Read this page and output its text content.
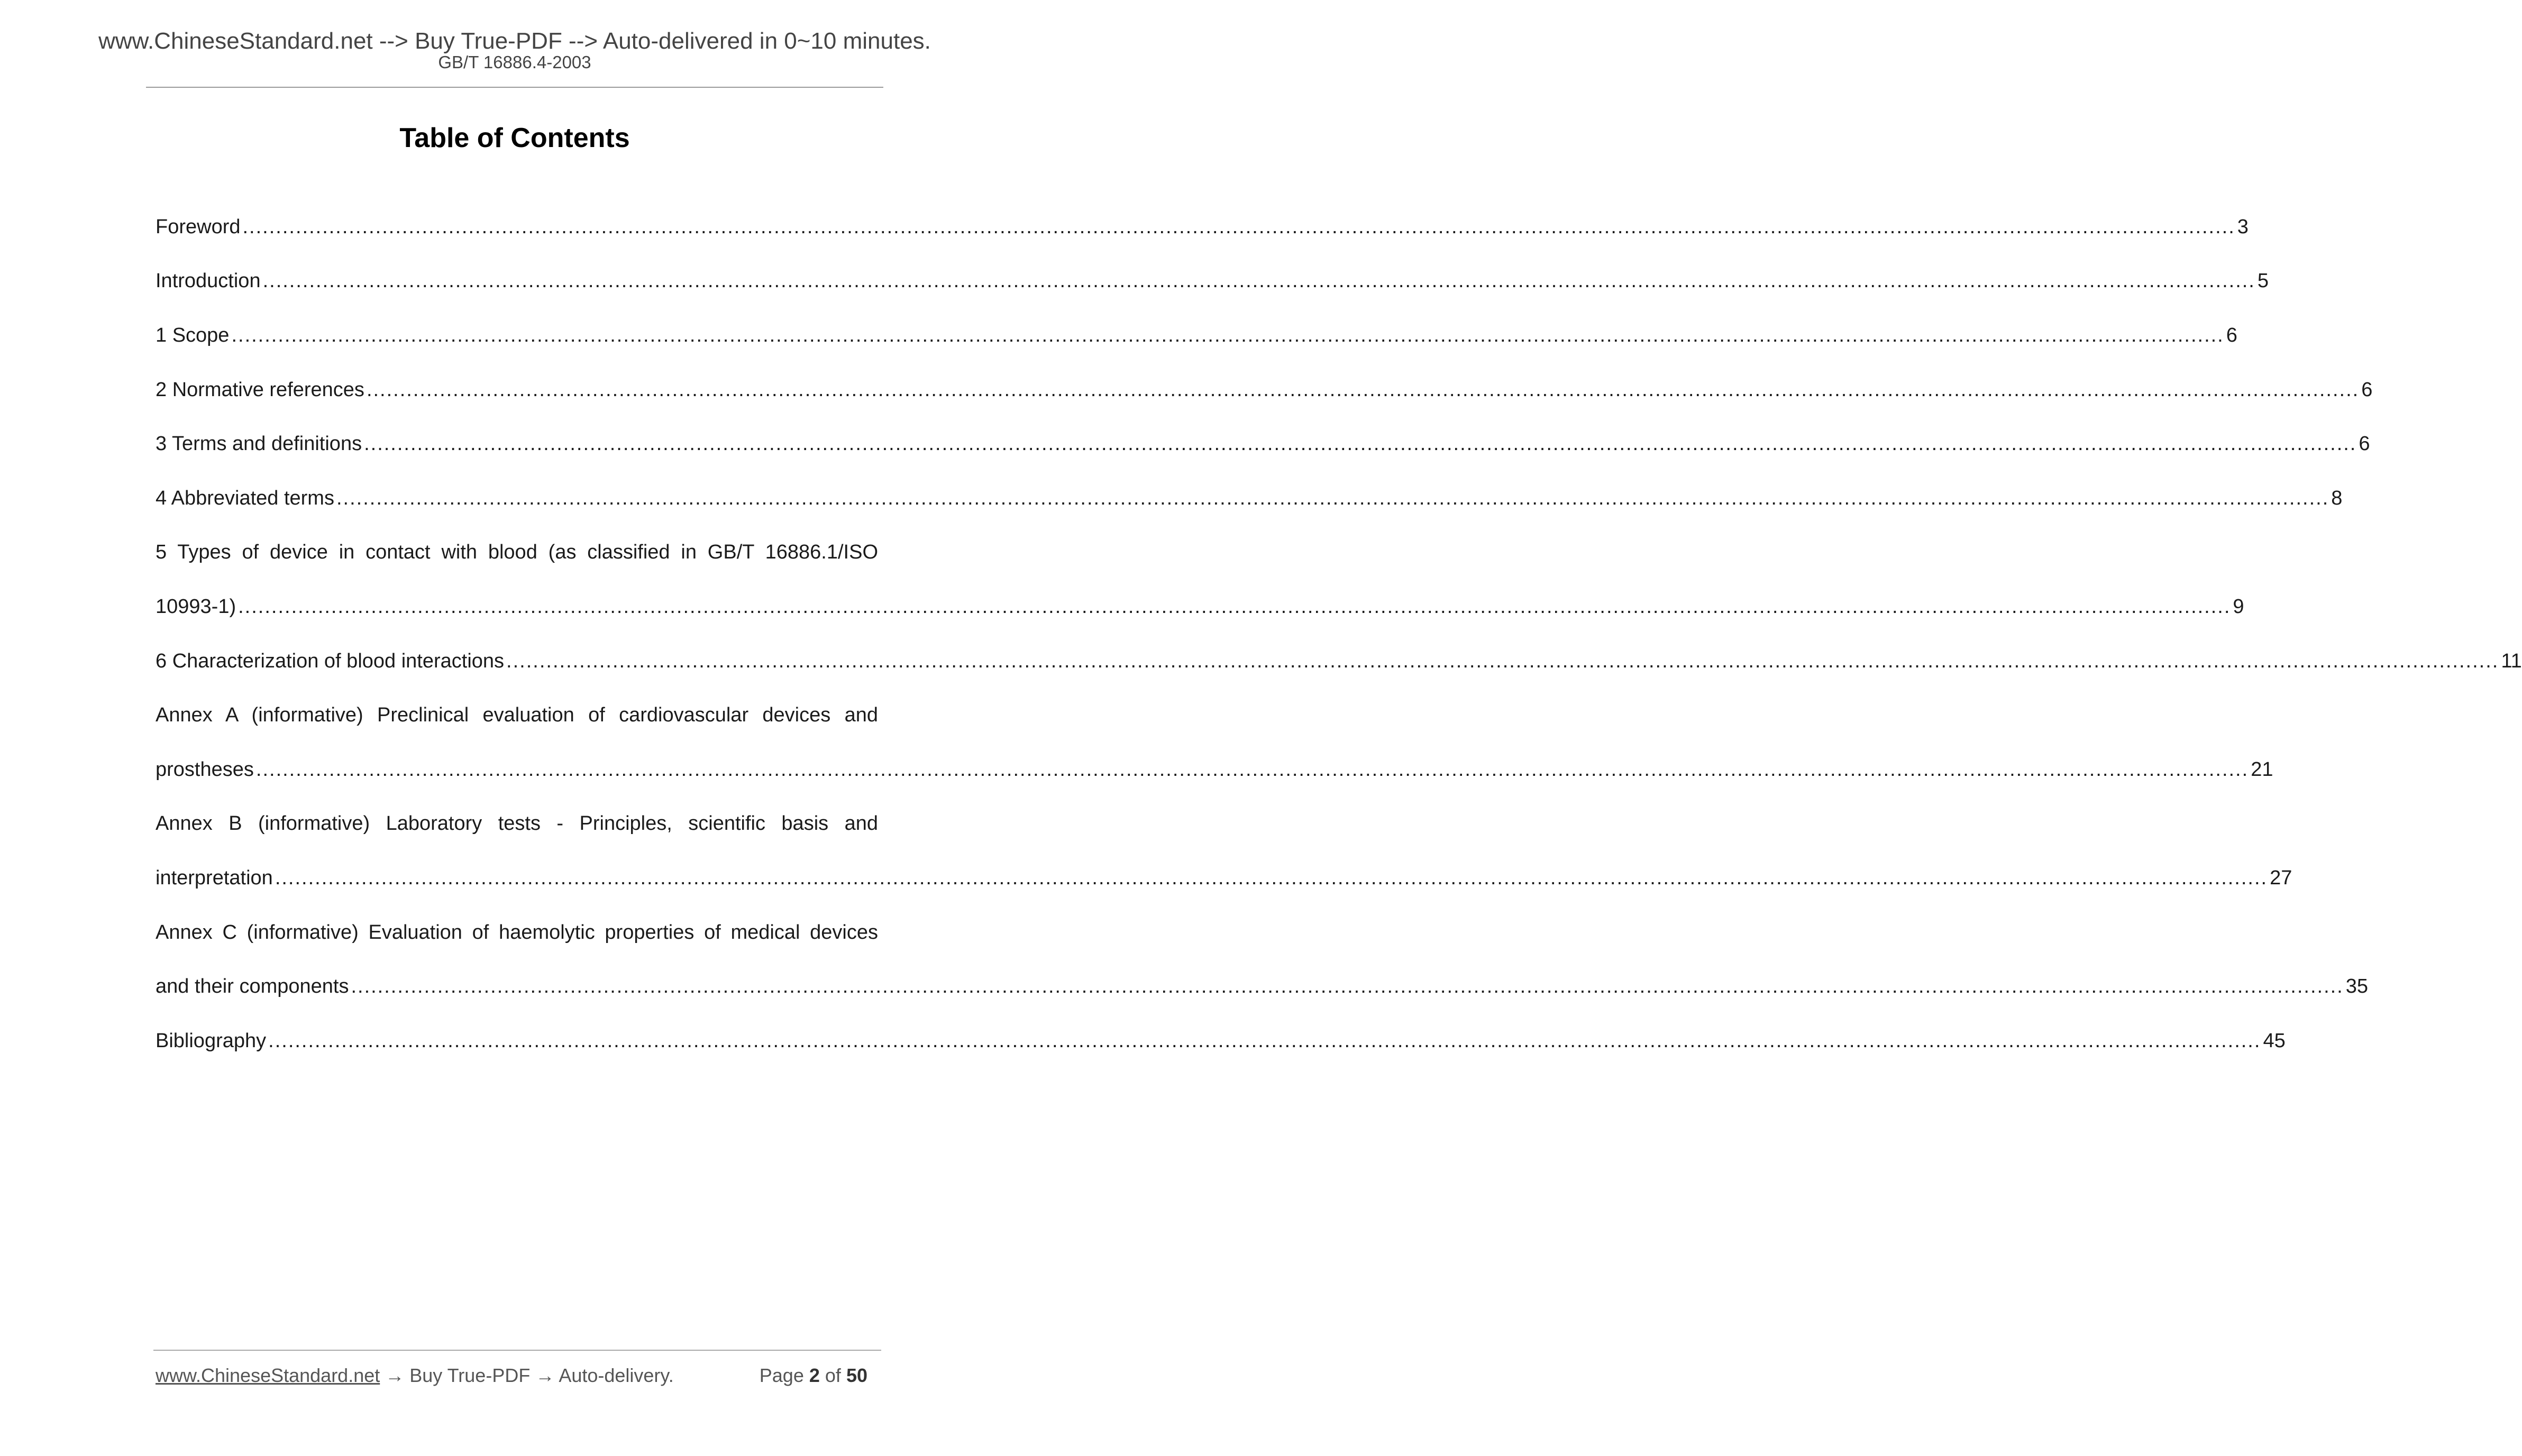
www.ChineseStandard.net --> Buy True-PDF --> Auto-delivered in 0~10 minutes.
GB/T 16886.4-2003
Table of Contents
Foreword ............................................................................................................................................................................................................................................................................................................ 3
Introduction ............................................................................................................................................................................................................................................................................................................ 5
1 Scope ............................................................................................................................................................................................................................................................................................................ 6
2 Normative references ............................................................................................................................................................................................................................................................................................................ 6
3 Terms and definitions ............................................................................................................................................................................................................................................................................................................ 6
4 Abbreviated terms ............................................................................................................................................................................................................................................................................................................ 8
5 Types of device in contact with blood (as classified in GB/T 16886.1/ISO
10993-1) ............................................................................................................................................................................................................................................................................................................ 9
6 Characterization of blood interactions ............................................................................................................................................................................................................................................................................................................ 11
Annex A (informative) Preclinical evaluation of cardiovascular devices and
prostheses ............................................................................................................................................................................................................................................................................................................ 21
Annex B (informative) Laboratory tests - Principles, scientific basis and
interpretation ............................................................................................................................................................................................................................................................................................................ 27
Annex C (informative) Evaluation of haemolytic properties of medical devices
and their components ............................................................................................................................................................................................................................................................................................................ 35
Bibliography ............................................................................................................................................................................................................................................................................................................ 45
www.ChineseStandard.net → Buy True-PDF → Auto-delivery.	Page 2 of 50
